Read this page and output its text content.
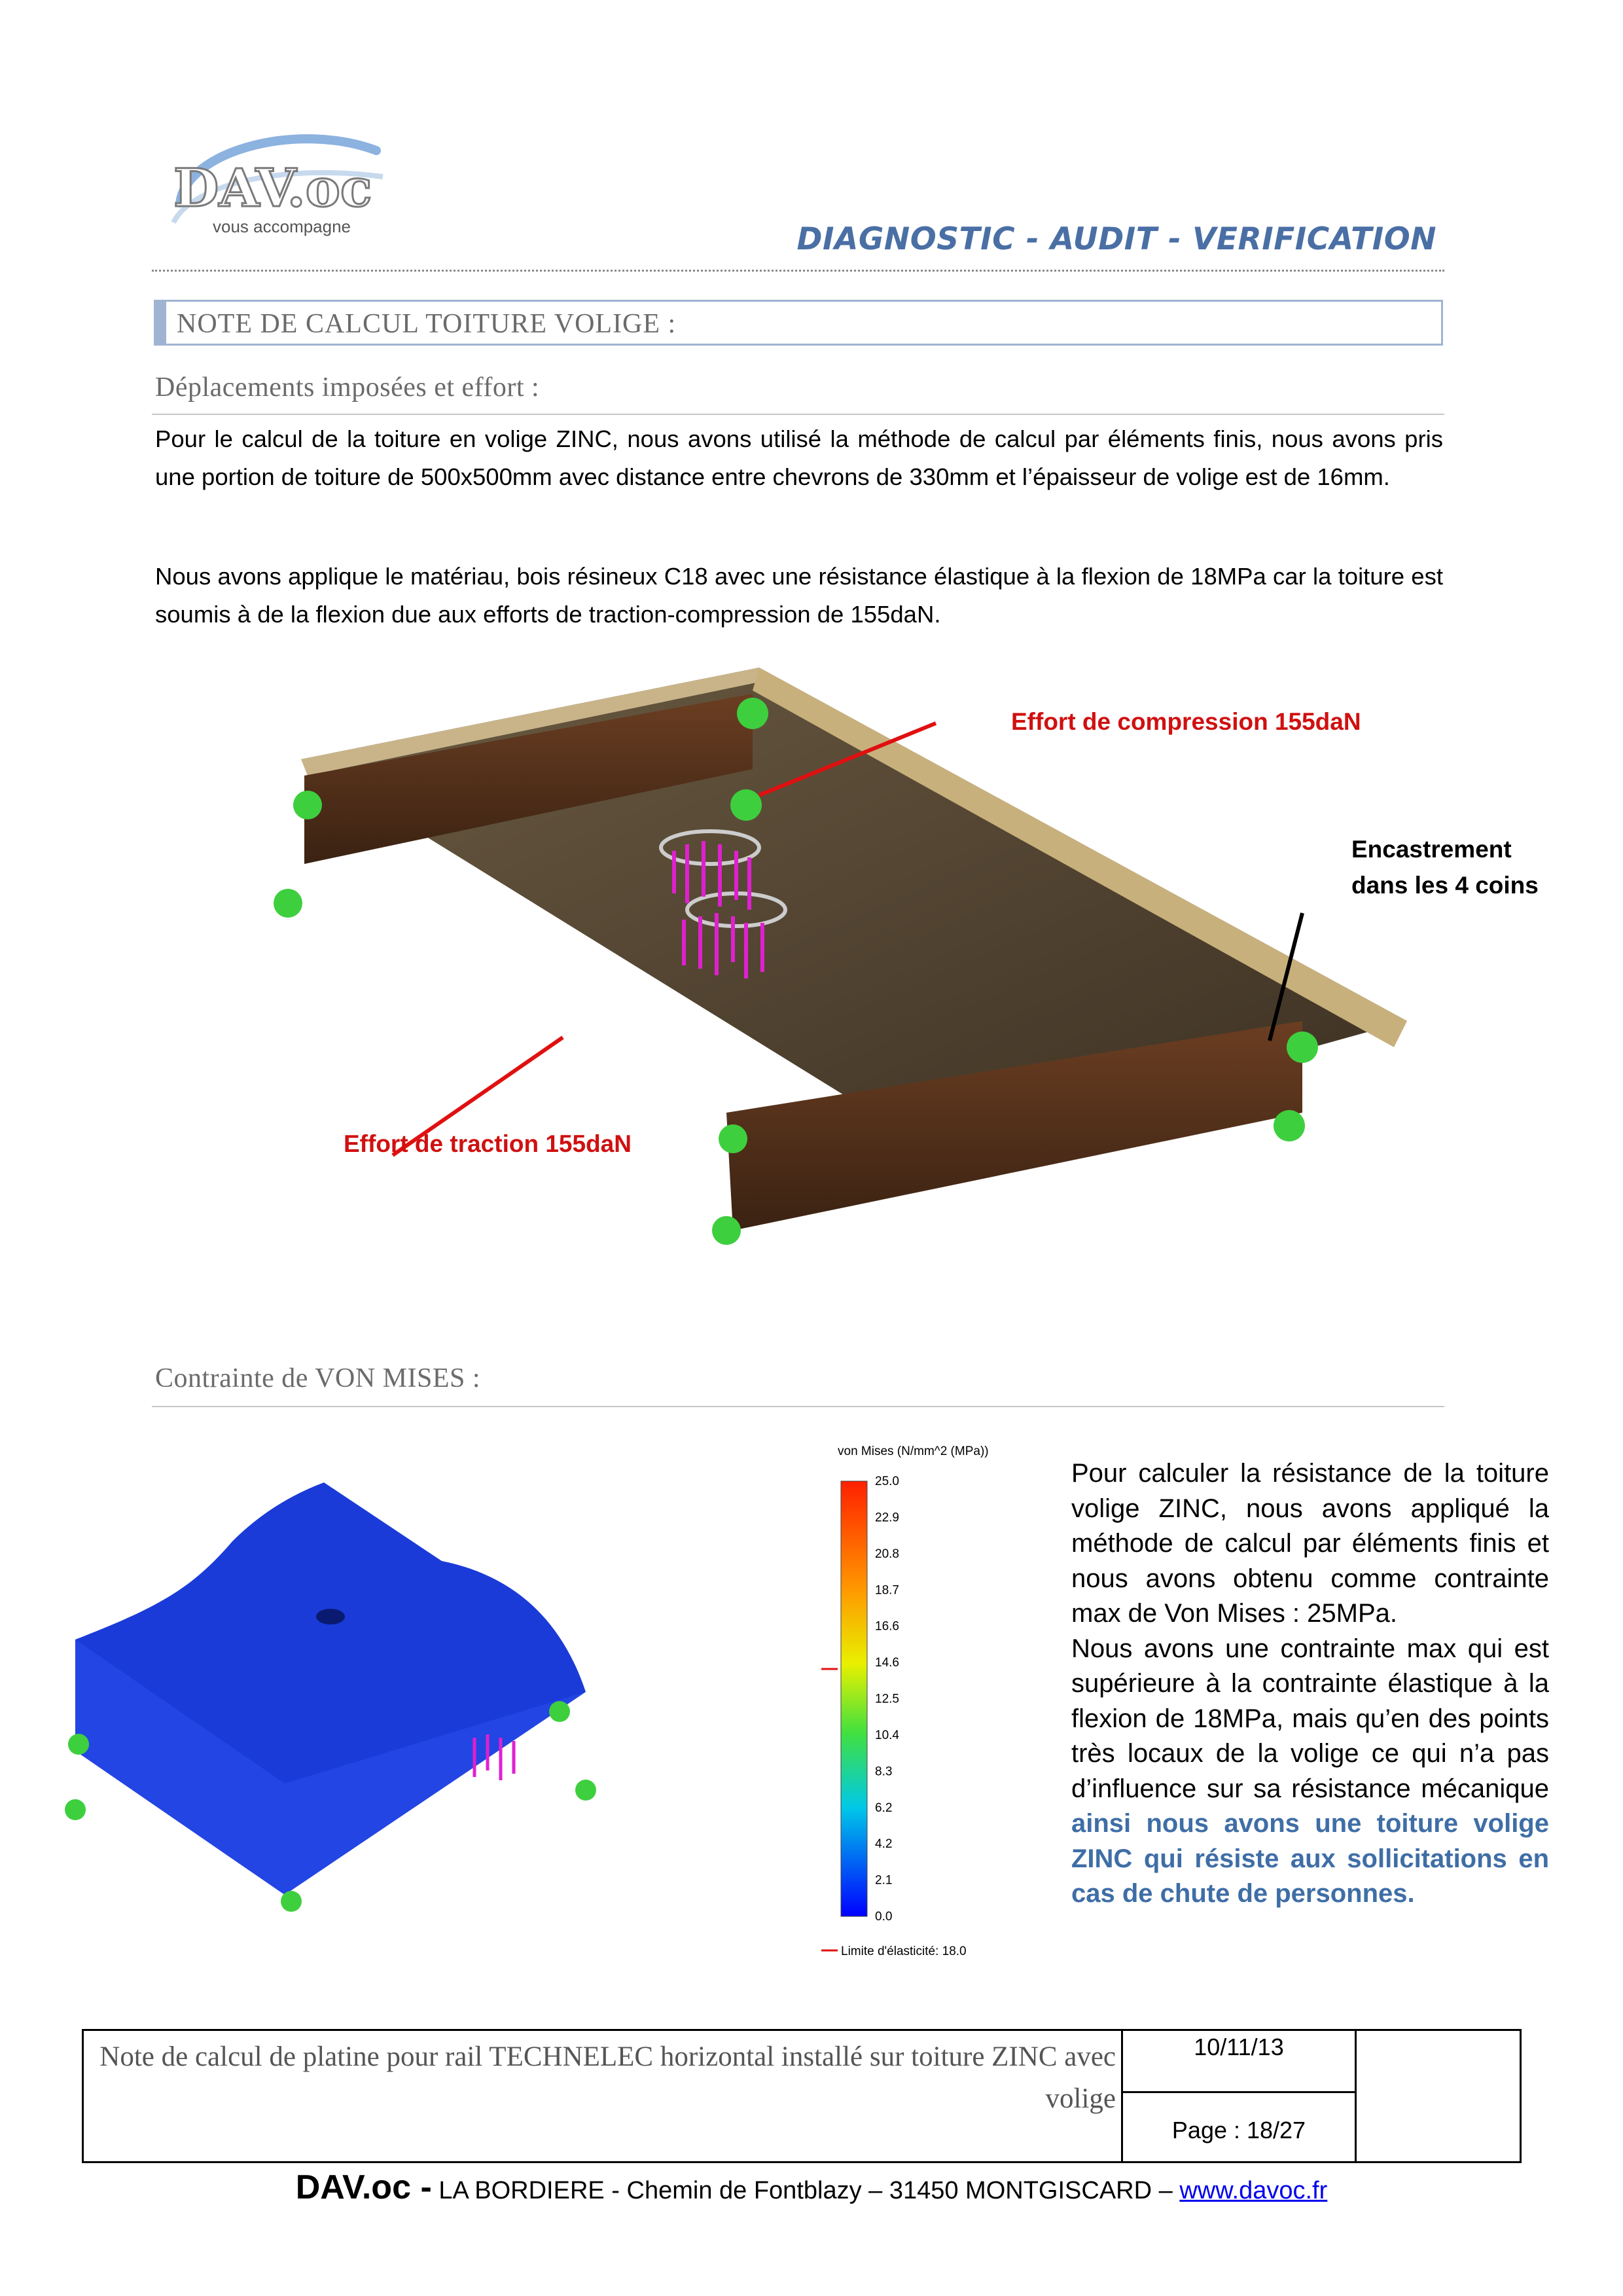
DAV.oc
vous accompagne	DIAGNOSTIC - AUDIT - VERIFICATION
NOTE DE CALCUL TOITURE VOLIGE :
Déplacements imposées et effort :
Pour le calcul de la toiture en volige ZINC, nous avons utilisé la méthode de calcul par éléments finis, nous avons pris une portion de toiture de 500x500mm avec distance entre chevrons de 330mm et l’épaisseur de volige est de 16mm.
Nous avons applique le matériau, bois résineux C18 avec une résistance élastique à la flexion de 18MPa car la toiture est soumis à de la flexion due aux efforts de traction-compression de 155daN.
Effort de compression 155daN
Effort de traction 155daN
Encastrement
dans les 4 coins
Contrainte de VON MISES :
von Mises (N/mm^2 (MPa))
25.0
22.9
20.8
18.7
16.6
14.6
12.5
10.4
8.3
6.2
4.2
2.1
0.0
Limite d'élasticité: 18.0
Pour calculer la résistance de la toiture volige ZINC, nous avons appliqué la méthode de calcul par éléments finis et nous avons obtenu comme contrainte max de Von Mises : 25MPa.
Nous avons une contrainte max qui est supérieure à la contrainte élastique à la flexion de 18MPa, mais qu’en des points très locaux de la volige ce qui n’a pas d’influence sur sa résistance mécanique ainsi nous avons une toiture volige ZINC qui résiste aux sollicitations en cas de chute de personnes.
Note de calcul de platine pour rail TECHNELEC horizontal installé sur toiture ZINC avec volige
10/11/13
Page : 18/27
DAV.oc - LA BORDIERE - Chemin de Fontblazy – 31450 MONTGISCARD – www.davoc.fr
